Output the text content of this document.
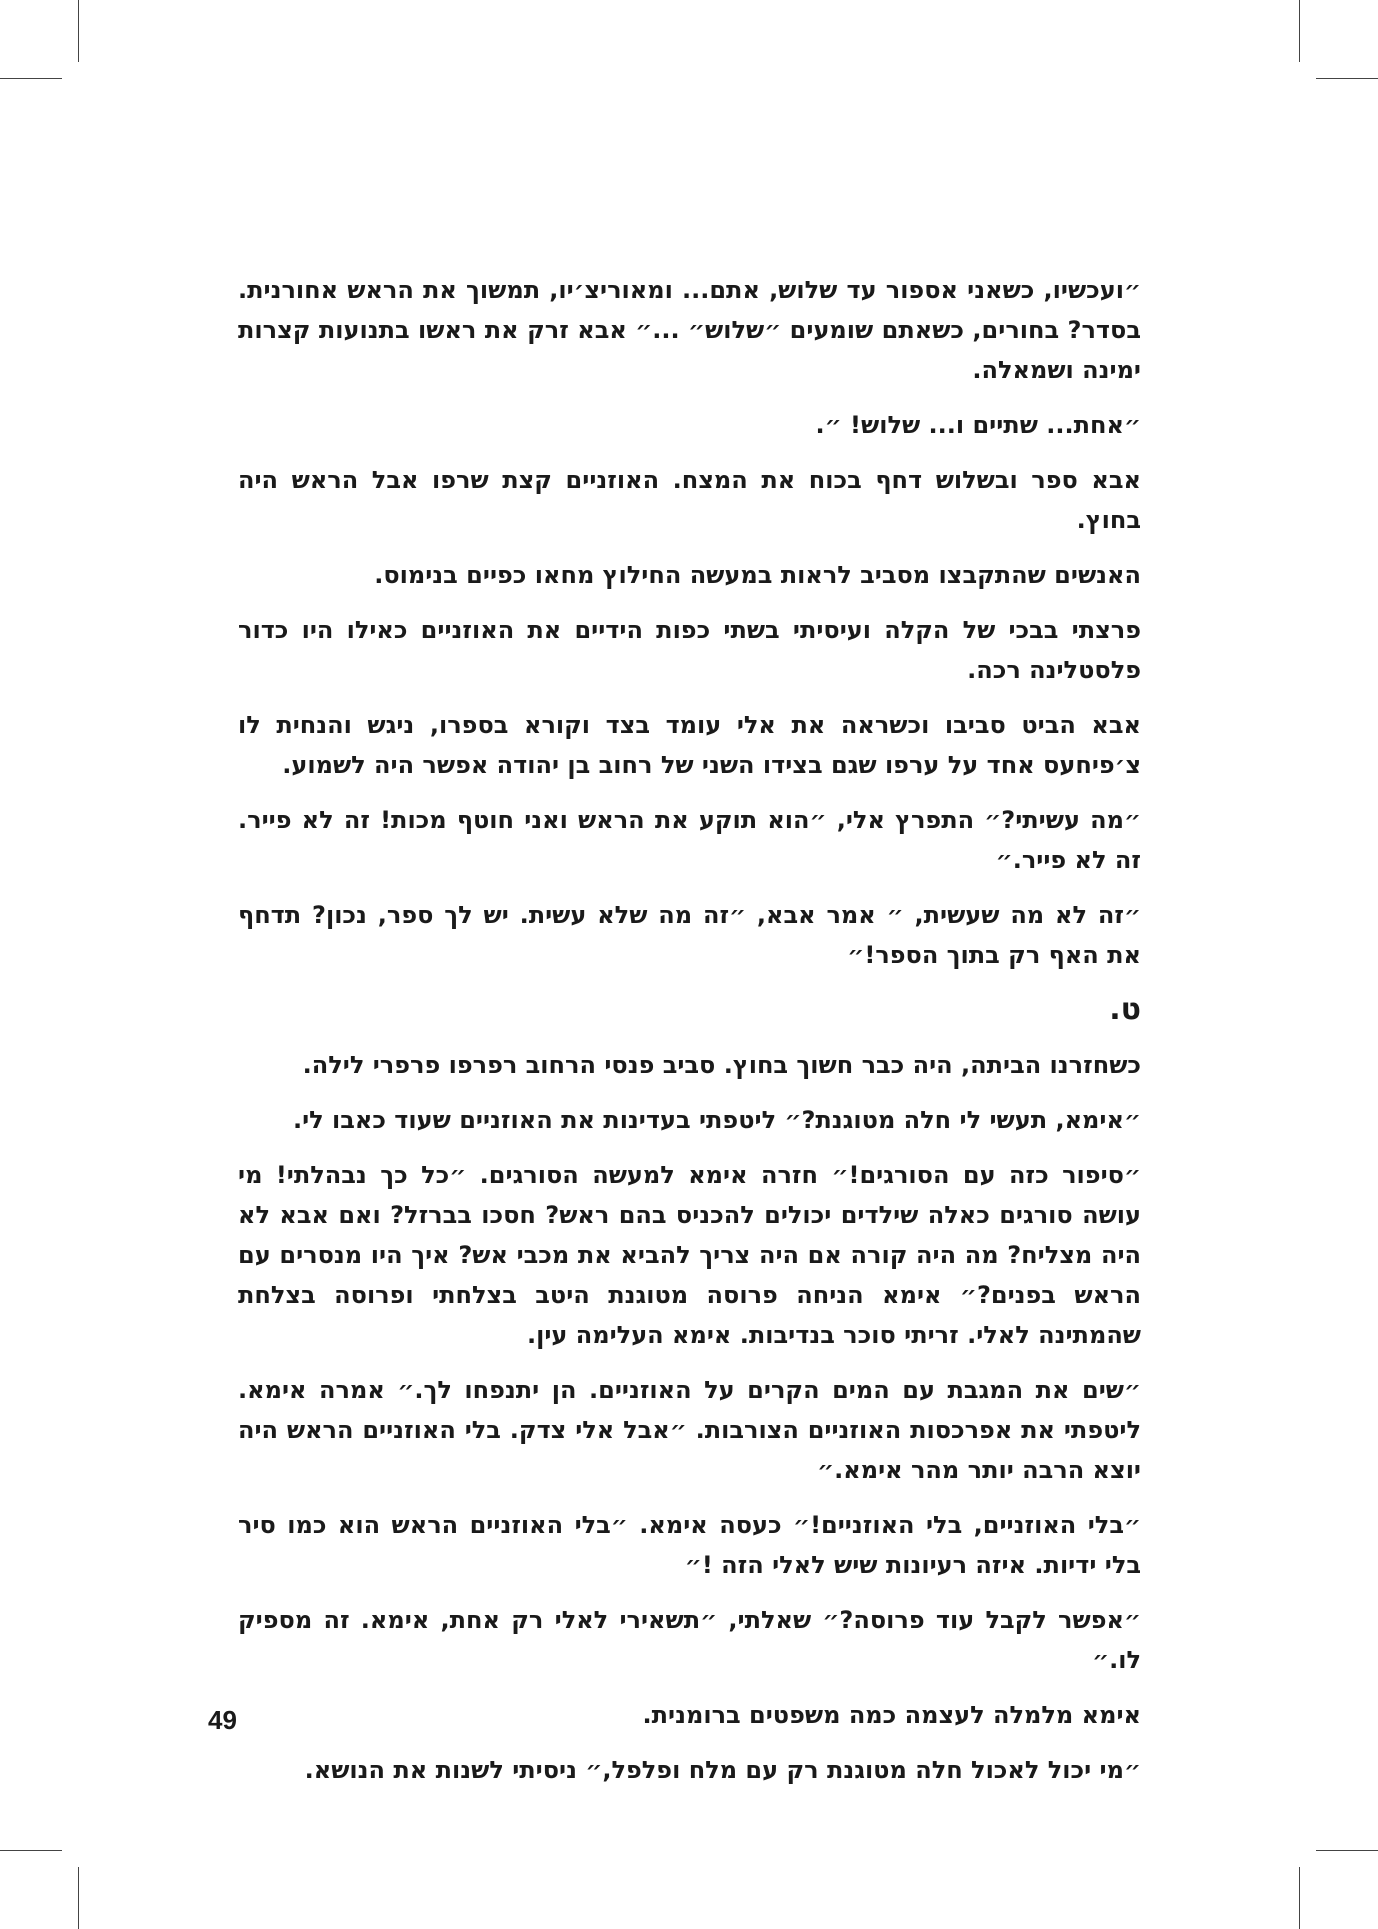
״ועכשיו, כשאני אספור עד שלוש, אתם... ומאוריצ׳יו, תמשוך את הראש אחורנית. בסדר? בחורים, כשאתם שומעים ״שלוש״ ...״ אבא זרק את ראשו בתנועות קצרות ימינה ושמאלה.

״אחת... שתיים ו... שלוש! ״.

אבא ספר ובשלוש דחף בכוח את המצח. האוזניים קצת שרפו אבל הראש היה בחוץ.

האנשים שהתקבצו מסביב לראות במעשה החילוץ מחאו כפיים בנימוס.

פרצתי בבכי של הקלה ועיסיתי בשתי כפות הידיים את האוזניים כאילו היו כדור פלסטלינה רכה.

אבא הביט סביבו וכשראה את אלי עומד בצד וקורא בספרו, ניגש והנחית לו צ׳פיחעס אחד על ערפו שגם בצידו השני של רחוב בן יהודה אפשר היה לשמוע.

״מה עשיתי?״ התפרץ אלי, ״הוא תוקע את הראש ואני חוטף מכות! זה לא פייר. זה לא פייר.״

״זה לא מה שעשית, ״ אמר אבא, ״זה מה שלא עשית. יש לך ספר, נכון? תדחף את האף רק בתוך הספר!״

ט.

כשחזרנו הביתה, היה כבר חשוך בחוץ. סביב פנסי הרחוב רפרפו פרפרי לילה.

״אימא, תעשי לי חלה מטוגנת?״ ליטפתי בעדינות את האוזניים שעוד כאבו לי.

״סיפור כזה עם הסורגים!״ חזרה אימא למעשה הסורגים. ״כל כך נבהלתי! מי עושה סורגים כאלה שילדים יכולים להכניס בהם ראש? חסכו בברזל? ואם אבא לא היה מצליח? מה היה קורה אם היה צריך להביא את מכבי אש? איך היו מנסרים עם הראש בפנים?״ אימא הניחה פרוסה מטוגנת היטב בצלחתי ופרוסה בצלחת שהמתינה לאלי. זריתי סוכר בנדיבות. אימא העלימה עין.

״שים את המגבת עם המים הקרים על האוזניים. הן יתנפחו לך.״ אמרה אימא. ליטפתי את אפרכסות האוזניים הצורבות. ״אבל אלי צדק. בלי האוזניים הראש היה יוצא הרבה יותר מהר אימא.״

״בלי האוזניים, בלי האוזניים!״ כעסה אימא. ״בלי האוזניים הראש הוא כמו סיר בלי ידיות. איזה רעיונות שיש לאלי הזה !״

״אפשר לקבל עוד פרוסה?״ שאלתי, ״תשאירי לאלי רק אחת, אימא. זה מספיק לו.״

אימא מלמלה לעצמה כמה משפטים ברומנית.

״מי יכול לאכול חלה מטוגנת רק עם מלח ופלפל,״ ניסיתי לשנות את הנושא.

49
